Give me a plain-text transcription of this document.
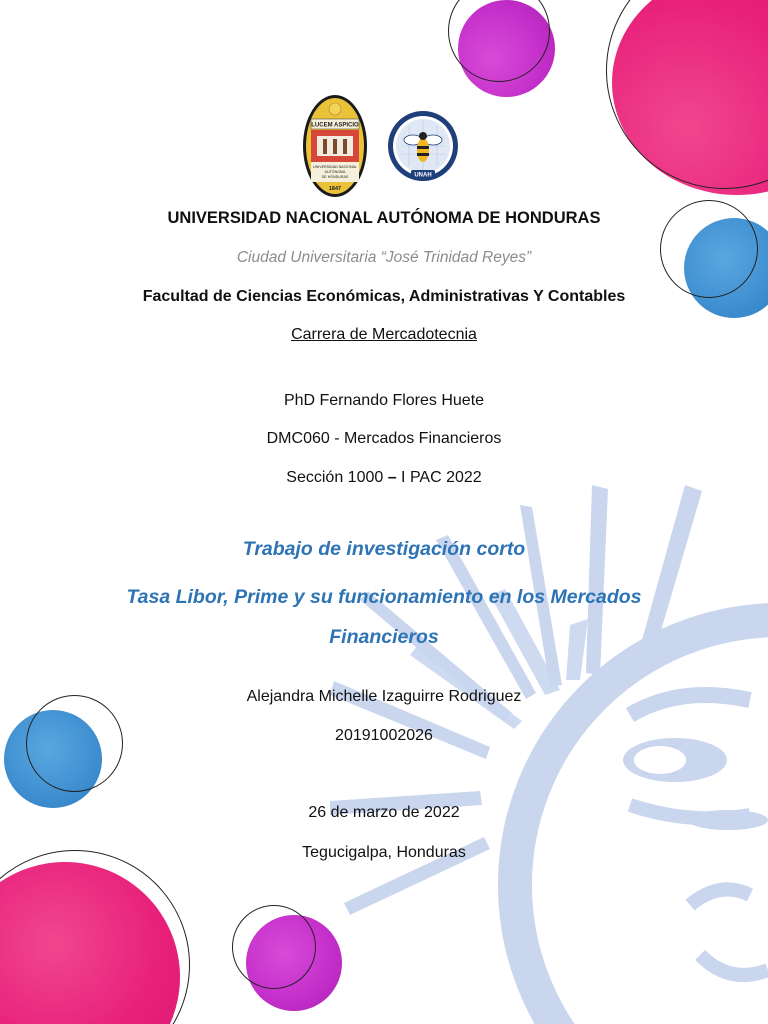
LUCEM ASPICIO
UNIVERSIDAD NACIONAL
AUTÓNOMA
DE HONDURAS
1847
UNAH
UNIVERSIDAD NACIONAL AUTÓNOMA DE HONDURAS
Ciudad Universitaria “José Trinidad Reyes”
Facultad de Ciencias Económicas, Administrativas Y Contables
Carrera de Mercadotecnia
PhD Fernando Flores Huete
DMC060 - Mercados Financieros
Sección 1000 – I PAC 2022
Trabajo de investigación corto
Tasa Libor, Prime y su funcionamiento en los Mercados
Financieros
Alejandra Michelle Izaguirre Rodriguez
20191002026
26 de marzo de 2022
Tegucigalpa, Honduras
